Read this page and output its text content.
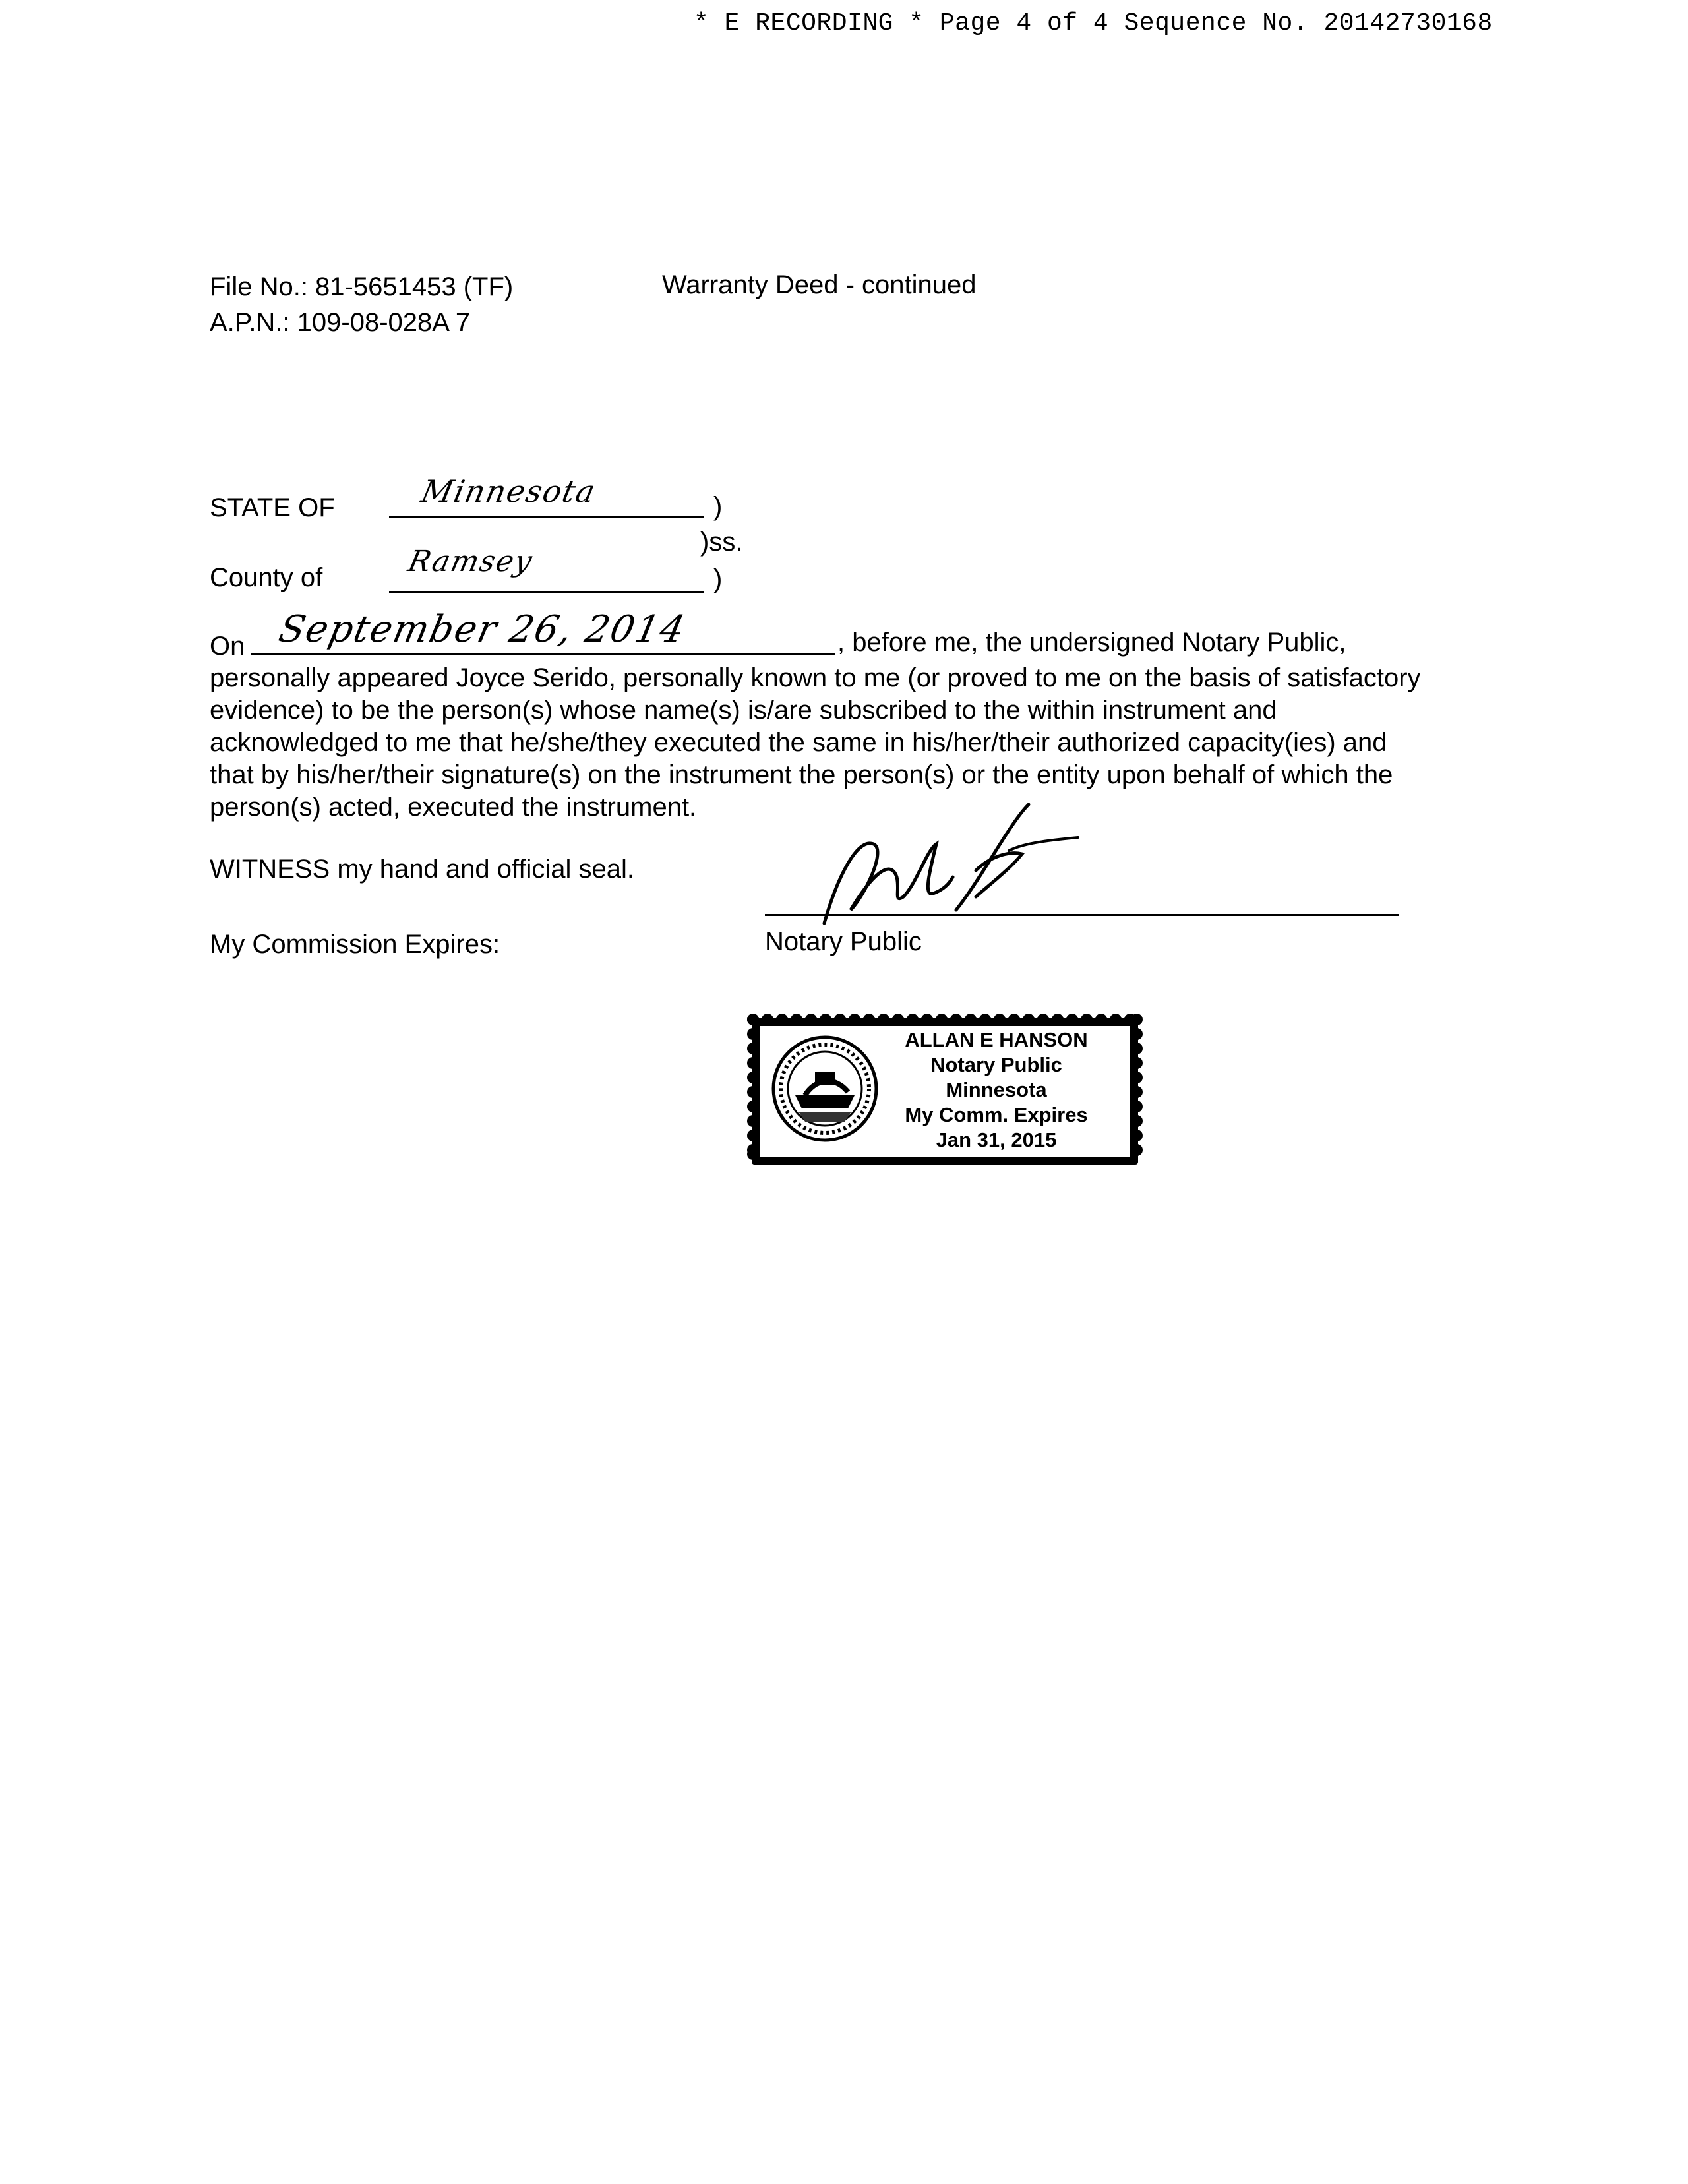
* E RECORDING * Page 4 of 4 Sequence No. 20142730168
File No.: 81-5651453 (TF)
A.P.N.: 109-08-028A 7
Warranty Deed - continued
STATE OF	Minnesota	)
)ss.
County of	Ramsey
)
On September 26, 2014	, before me, the undersigned Notary Public,

personally appeared Joyce Serido, personally known to me (or proved to me on the basis of satisfactory

evidence) to be the person(s) whose name(s) is/are subscribed to the within instrument and

acknowledged to me that he/she/they executed the same in his/her/their authorized capacity(ies) and

that by his/her/their signature(s) on the instrument the person(s) or the entity upon behalf of which the

person(s) acted, executed the instrument.

WITNESS my hand and official seal.
My Commission Expires:	Notary Public
ALLAN E HANSON
Notary Public
Minnesota
My Comm. Expires
Jan 31, 2015
